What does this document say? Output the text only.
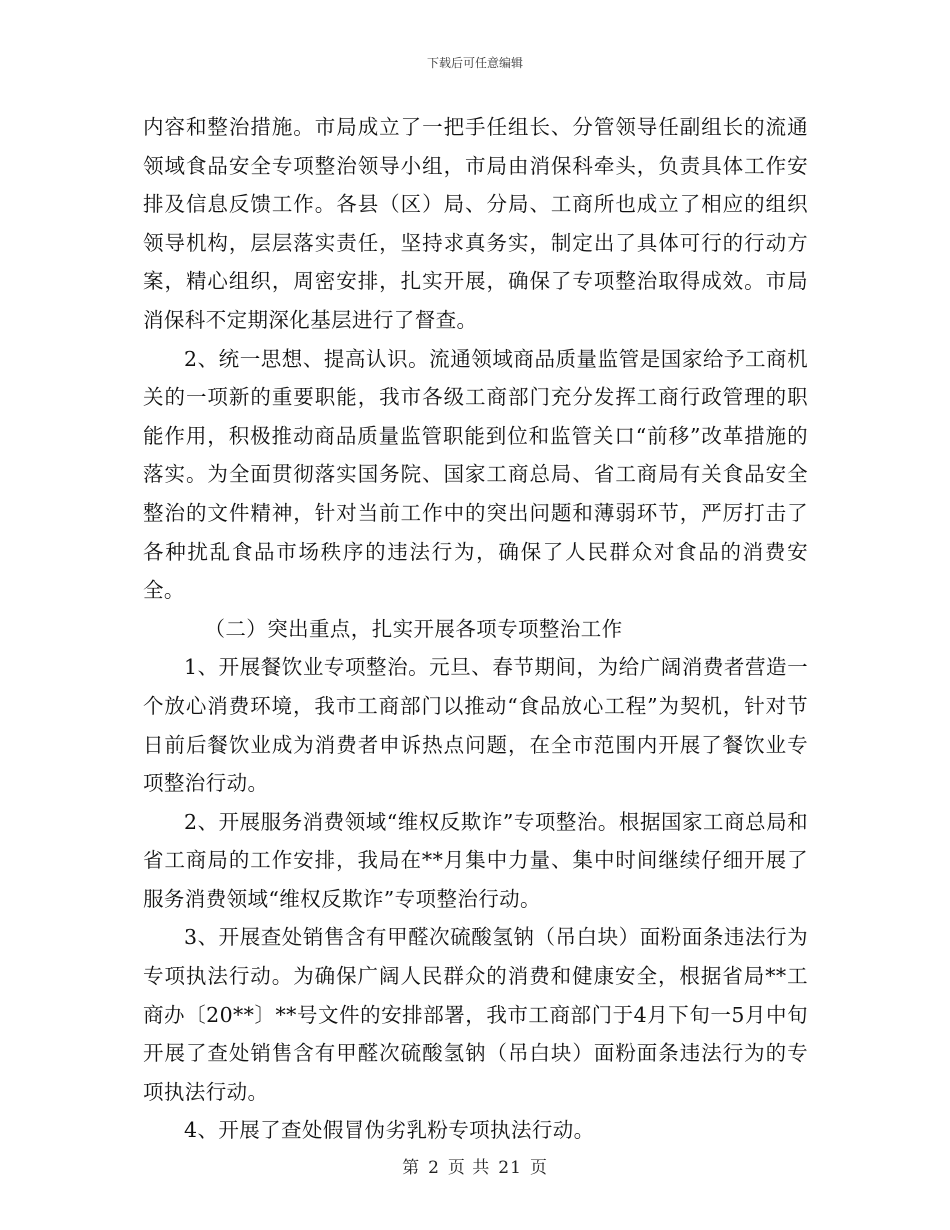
下载后可任意编辑

内容和整治措施。市局成立了一把手任组长、分管领导任副组长的流通领域食品安全专项整治领导小组，市局由消保科牵头，负责具体工作安排及信息反馈工作。各县（区）局、分局、工商所也成立了相应的组织领导机构，层层落实责任，坚持求真务实，制定出了具体可行的行动方案，精心组织，周密安排，扎实开展，确保了专项整治取得成效。市局消保科不定期深化基层进行了督查。

2、统一思想、提高认识。流通领域商品质量监管是国家给予工商机关的一项新的重要职能，我市各级工商部门充分发挥工商行政管理的职能作用，积极推动商品质量监管职能到位和监管关口“前移”改革措施的落实。为全面贯彻落实国务院、国家工商总局、省工商局有关食品安全整治的文件精神，针对当前工作中的突出问题和薄弱环节，严厉打击了各种扰乱食品市场秩序的违法行为，确保了人民群众对食品的消费安全。

（二）突出重点，扎实开展各项专项整治工作

1、开展餐饮业专项整治。元旦、春节期间，为给广阔消费者营造一个放心消费环境，我市工商部门以推动“食品放心工程”为契机，针对节日前后餐饮业成为消费者申诉热点问题，在全市范围内开展了餐饮业专项整治行动。

2、开展服务消费领域“维权反欺诈”专项整治。根据国家工商总局和省工商局的工作安排，我局在**月集中力量、集中时间继续仔细开展了服务消费领域“维权反欺诈”专项整治行动。

3、开展查处销售含有甲醛次硫酸氢钠（吊白块）面粉面条违法行为专项执法行动。为确保广阔人民群众的消费和健康安全，根据省局**工商办〔20**〕**号文件的安排部署，我市工商部门于4月下旬一5月中旬开展了查处销售含有甲醛次硫酸氢钠（吊白块）面粉面条违法行为的专项执法行动。

4、开展了查处假冒伪劣乳粉专项执法行动。

第 2 页 共 21 页
